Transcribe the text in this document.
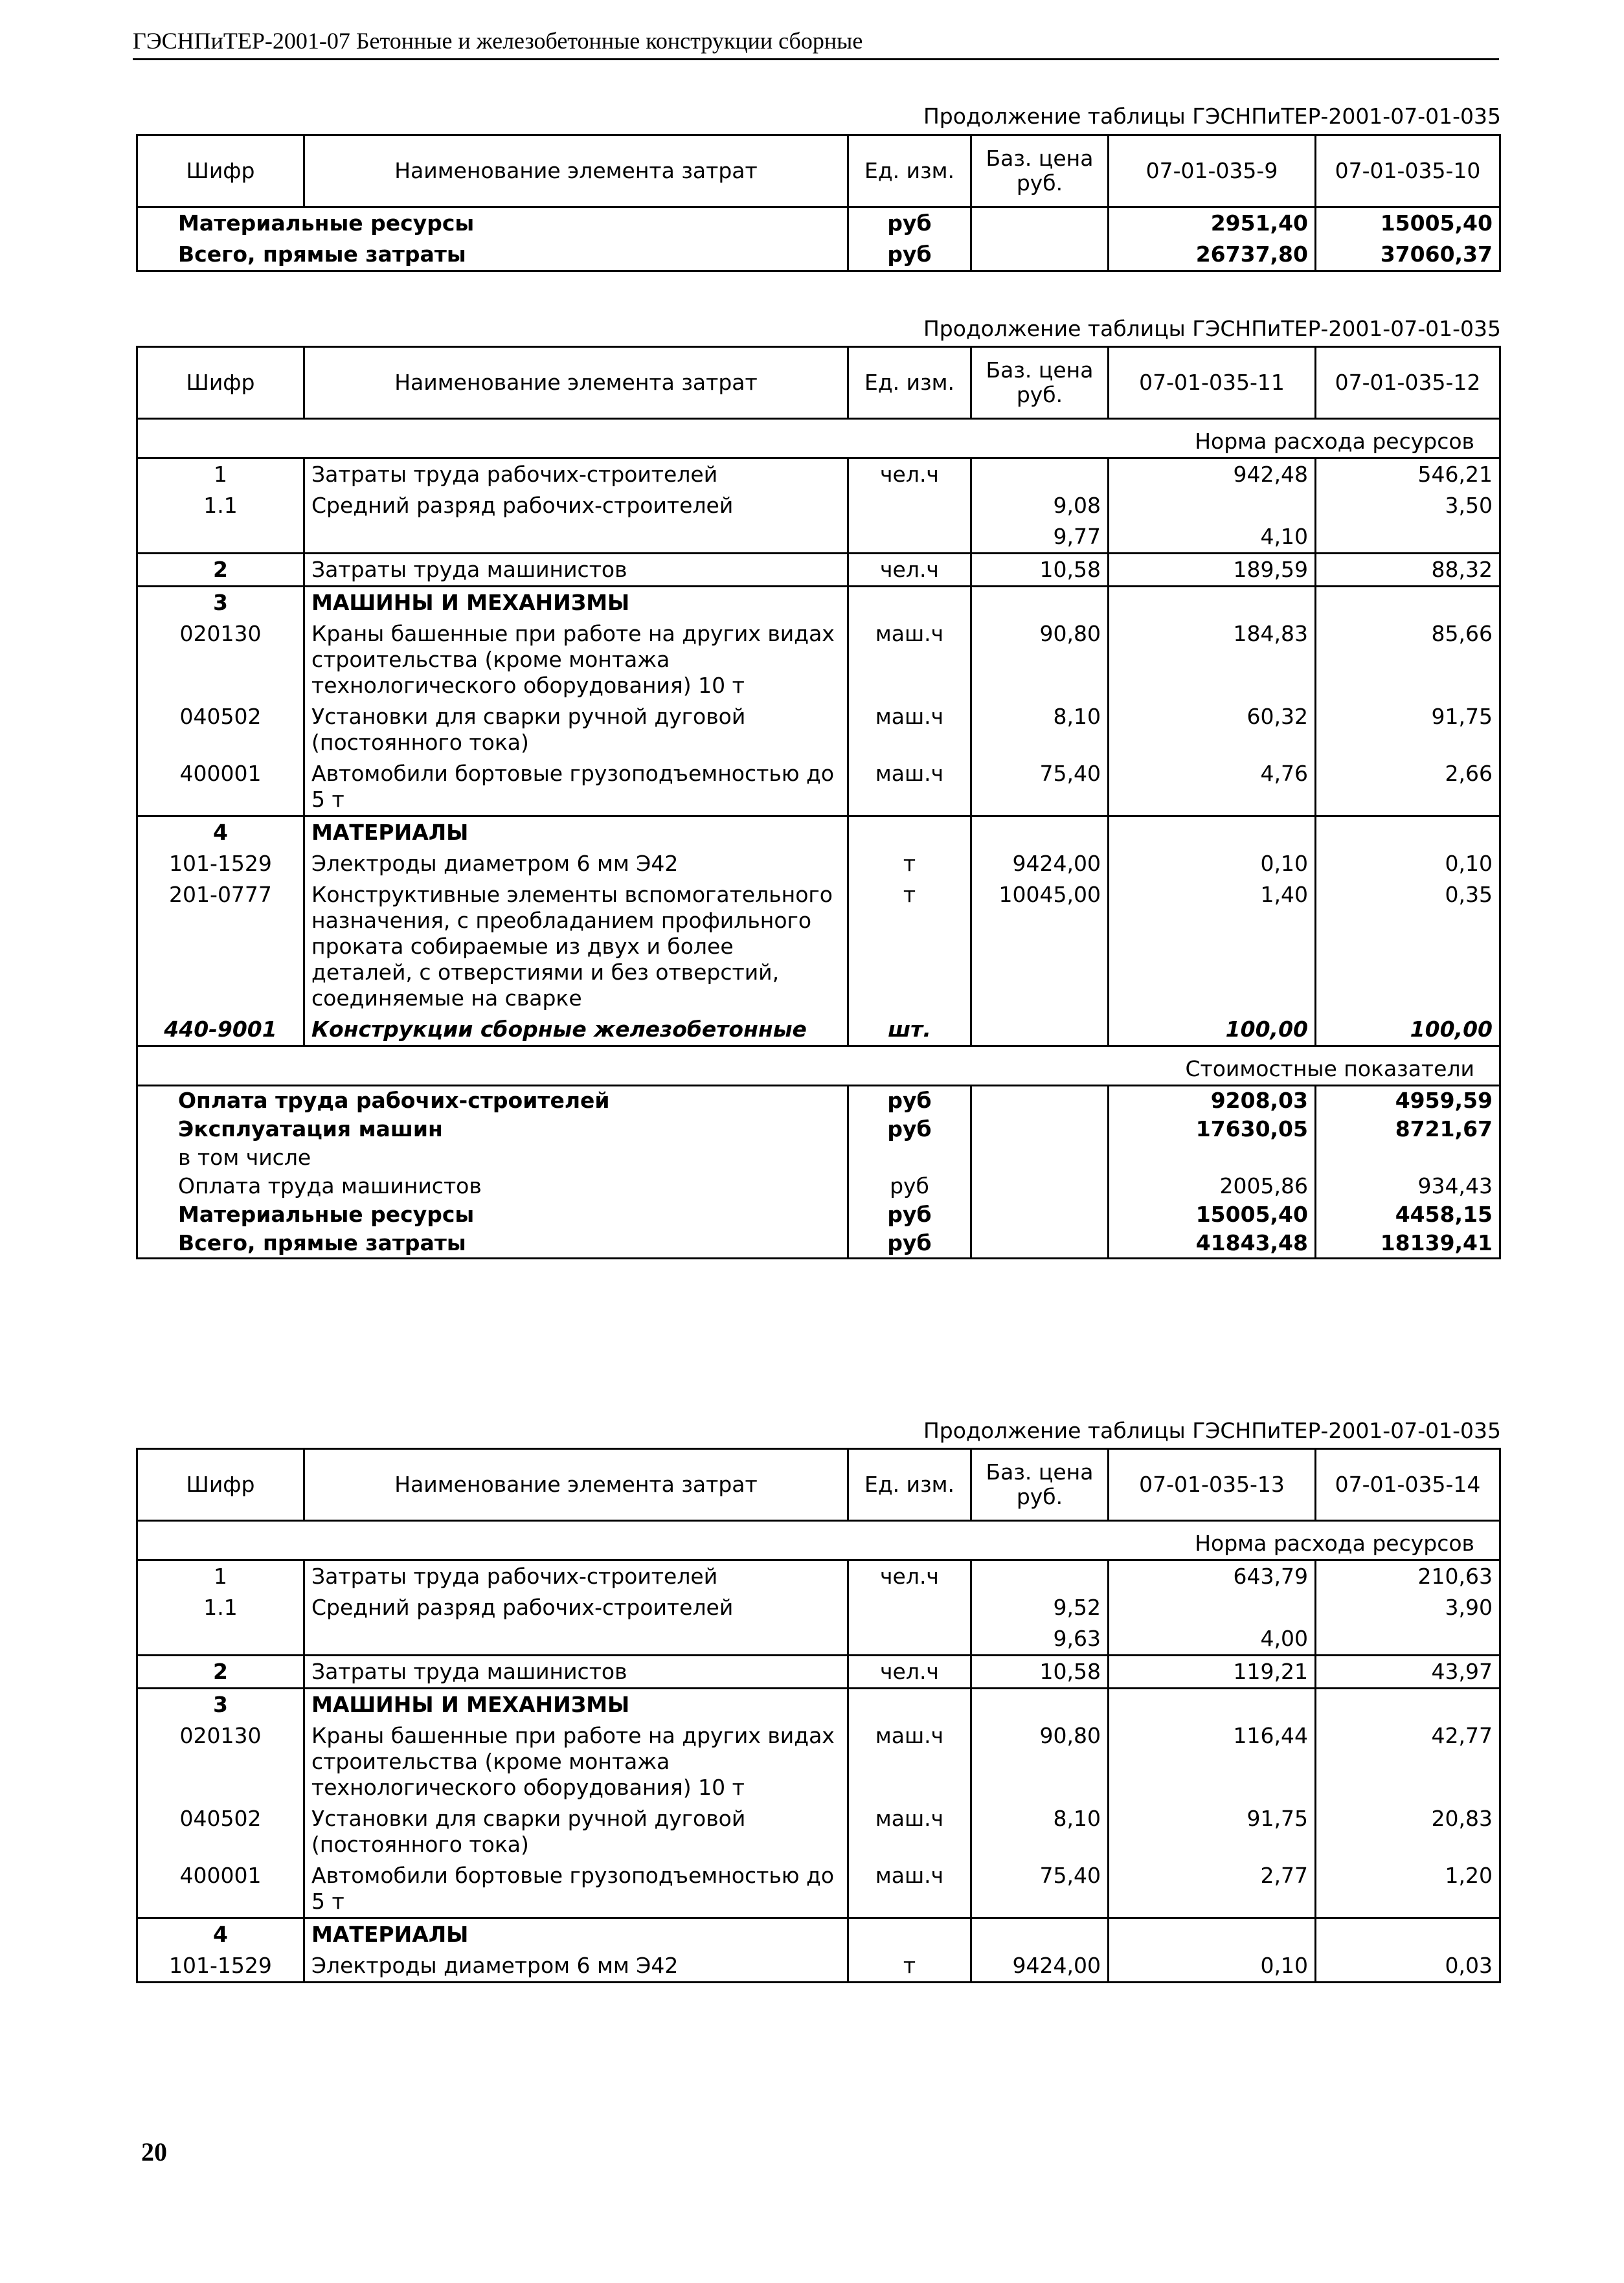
ГЭСНПиТЕР-2001-07 Бетонные и железобетонные конструкции сборные
Продолжение таблицы ГЭСНПиТЕР-2001-07-01-035
Шифр	Наименование элемента затрат	Ед. изм.	Баз. цена руб.	07-01-035-9	07-01-035-10
Материальные ресурсы		руб		2951,40	15005,40
Всего, прямые затраты		руб		26737,80	37060,37
Продолжение таблицы ГЭСНПиТЕР-2001-07-01-035
Шифр	Наименование элемента затрат	Ед. изм.	Баз. цена руб.	07-01-035-11	07-01-035-12
Норма расхода ресурсов					
1	Затраты труда рабочих-строителей	чел.ч		942,48	546,21
1.1	Средний разряд рабочих-строителей		9,08		3,50
			9,77	4,10	
2	Затраты труда машинистов	чел.ч	10,58	189,59	88,32
3	МАШИНЫ И МЕХАНИЗМЫ				
020130	Краны башенные при работе на других видах строительства (кроме монтажа технологического оборудования) 10 т	маш.ч	90,80	184,83	85,66
040502	Установки для сварки ручной дуговой (постоянного тока)	маш.ч	8,10	60,32	91,75
400001	Автомобили бортовые грузоподъемностью до 5 т	маш.ч	75,40	4,76	2,66
4	МАТЕРИАЛЫ				
101-1529	Электроды диаметром 6 мм Э42	т	9424,00	0,10	0,10
201-0777	Конструктивные элементы вспомогательного назначения, с преобладанием профильного проката собираемые из двух и более деталей, с отверстиями и без отверстий, соединяемые на сварке	т	10045,00	1,40	0,35
440-9001	Конструкции сборные железобетонные	шт.		100,00	100,00
Стоимостные показатели					
Оплата труда рабочих-строителей		руб		9208,03	4959,59
Эксплуатация машин		руб		17630,05	8721,67
в том числе					
Оплата труда машинистов		руб		2005,86	934,43
Материальные ресурсы		руб		15005,40	4458,15
Всего, прямые затраты		руб		41843,48	18139,41
Продолжение таблицы ГЭСНПиТЕР-2001-07-01-035
Шифр	Наименование элемента затрат	Ед. изм.	Баз. цена руб.	07-01-035-13	07-01-035-14
Норма расхода ресурсов					
1	Затраты труда рабочих-строителей	чел.ч		643,79	210,63
1.1	Средний разряд рабочих-строителей		9,52		3,90
			9,63	4,00	
2	Затраты труда машинистов	чел.ч	10,58	119,21	43,97
3	МАШИНЫ И МЕХАНИЗМЫ				
020130	Краны башенные при работе на других видах строительства (кроме монтажа технологического оборудования) 10 т	маш.ч	90,80	116,44	42,77
040502	Установки для сварки ручной дуговой (постоянного тока)	маш.ч	8,10	91,75	20,83
400001	Автомобили бортовые грузоподъемностью до 5 т	маш.ч	75,40	2,77	1,20
4	МАТЕРИАЛЫ				
101-1529	Электроды диаметром 6 мм Э42	т	9424,00	0,10	0,03
20
